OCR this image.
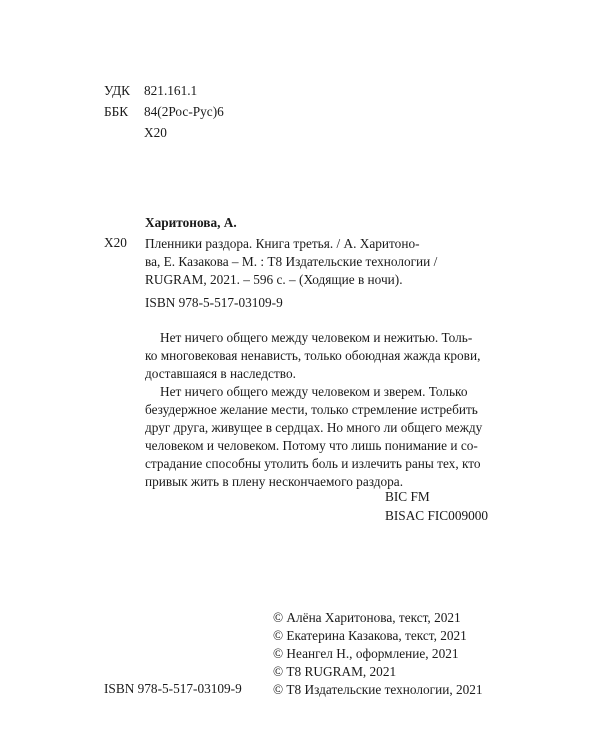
УДК	821.161.1
ББК	84(2Рос-Рус)6
Х20
Харитонова, А.
Х20 Пленники раздора. Книга третья. / А. Харитоно-
ва, Е. Казакова – М. : Т8 Издательские технологии /
RUGRAM, 2021. – 596 с. – (Ходящие в ночи).
ISBN 978-5-517-03109-9

Нет ничего общего между человеком и нежитью. Толь-
ко многовековая ненависть, только обоюдная жажда крови,
доставшаяся в наследство.

Нет ничего общего между человеком и зверем. Только
безудержное желание мести, только стремление истребить
друг друга, живущее в сердцах. Но много ли общего между
человеком и человеком. Потому что лишь понимание и со-
страдание способны утолить боль и излечить раны тех, кто
привык жить в плену нескончаемого раздора.

BIC FM
BISAC FIC009000
© Алёна Харитонова, текст, 2021
© Екатерина Казакова, текст, 2021
© Неангел Н., оформление, 2021
© Т8 RUGRAM, 2021
© Т8 Издательские технологии, 2021
ISBN 978-5-517-03109-9
